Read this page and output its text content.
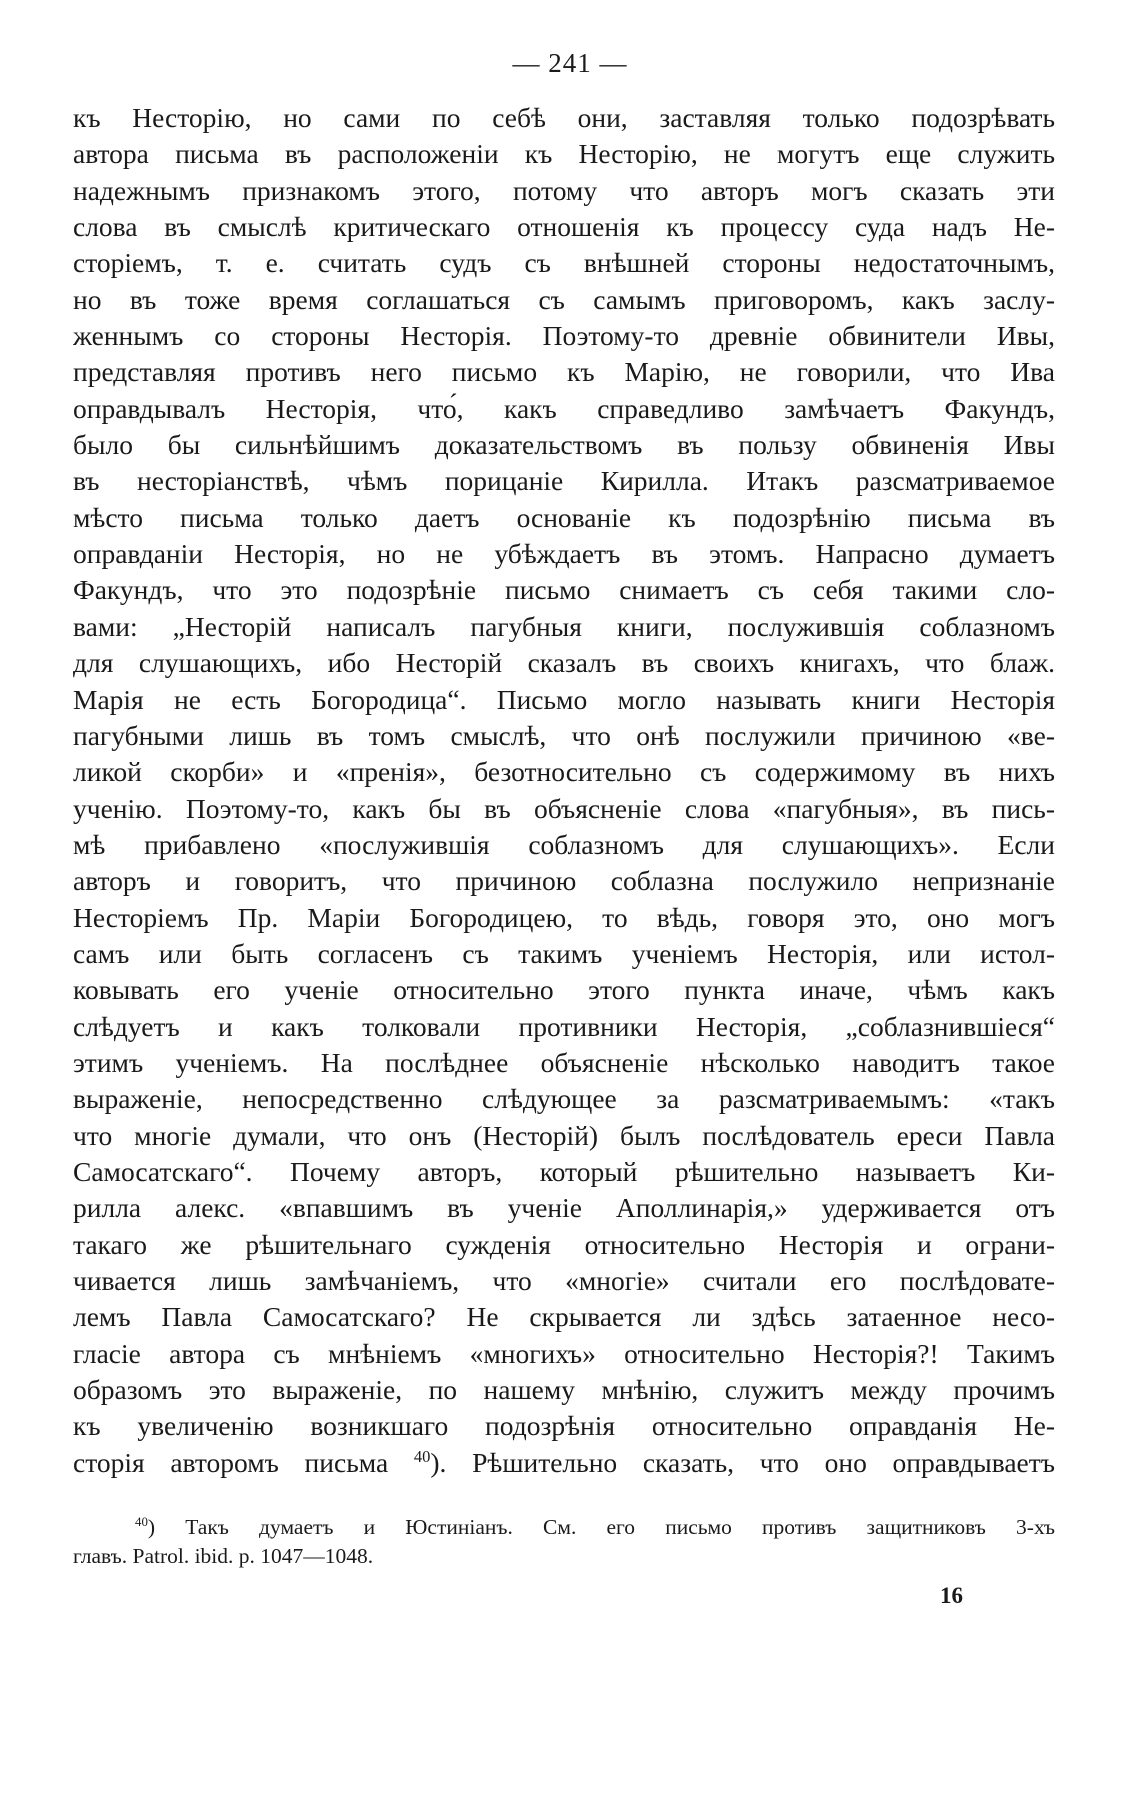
— 241 —
къ Несторію, но сами по себѣ они, заставляя только подозрѣвать
автора письма въ расположеніи къ Несторію, не могутъ еще служить
надежнымъ признакомъ этого, потому что авторъ могъ сказать эти
слова въ смыслѣ критическаго отношенія къ процессу суда надъ Не-
сторіемъ, т. е. считать судъ съ внѣшней стороны недостаточнымъ,
но въ тоже время соглашаться съ самымъ приговоромъ, какъ заслу-
женнымъ со стороны Несторія. Поэтому-то древніе обвинители Ивы,
представляя противъ него письмо къ Марію, не говорили, что Ива
оправдывалъ Несторія, что́, какъ справедливо замѣчаетъ Факундъ,
было бы сильнѣйшимъ доказательствомъ въ пользу обвиненія Ивы
въ несторіанствѣ, чѣмъ порицаніе Кирилла. Итакъ разсматриваемое
мѣсто письма только даетъ основаніе къ подозрѣнію письма въ
оправданіи Несторія, но не убѣждаетъ въ этомъ. Напрасно думаетъ
Факундъ, что это подозрѣніе письмо снимаетъ съ себя такими сло-
вами: „Несторій написалъ пагубныя книги, послужившія соблазномъ
для слушающихъ, ибо Несторій сказалъ въ своихъ книгахъ, что блаж.
Марія не есть Богородица“. Письмо могло называть книги Несторія
пагубными лишь въ томъ смыслѣ, что онѣ послужили причиною «ве-
ликой скорби» и «пренія», безотносительно съ содержимому въ нихъ
ученію. Поэтому-то, какъ бы въ объясненіе слова «пагубныя», въ пись-
мѣ прибавлено «послужившія соблазномъ для слушающихъ». Если
авторъ и говоритъ, что причиною соблазна послужило непризнаніе
Несторіемъ Пр. Маріи Богородицею, то вѣдь, говоря это, оно могъ
самъ или быть согласенъ съ такимъ ученіемъ Несторія, или истол-
ковывать его ученіе относительно этого пункта иначе, чѣмъ какъ
слѣдуетъ и какъ толковали противники Несторія, „соблазнившіеся“
этимъ ученіемъ. На послѣднее объясненіе нѣсколько наводитъ такое
выраженіе, непосредственно слѣдующее за разсматриваемымъ: «такъ
что многіе думали, что онъ (Несторій) былъ послѣдователь ереси Павла
Самосатскаго“. Почему авторъ, который рѣшительно называетъ Ки-
рилла алекс. «впавшимъ въ ученіе Аполлинарія,» удерживается отъ
такаго же рѣшительнаго сужденія относительно Несторія и ограни-
чивается лишь замѣчаніемъ, что «многіе» считали его послѣдовате-
лемъ Павла Самосатскаго? Не скрывается ли здѣсь затаенное несо-
гласіе автора съ мнѣніемъ «многихъ» относительно Несторія?! Такимъ
образомъ это выраженіе, по нашему мнѣнію, служитъ между прочимъ
къ увеличенію возникшаго подозрѣнія относительно оправданія Не-
сторія авторомъ письма $^{40}$). Рѣшительно сказать, что оно оправдываетъ
$^{40}$) Такъ думаетъ и Юстиніанъ. См. его письмо противъ защитниковъ 3-хъ
главъ. Patrol. ibid. p. 1047—1048.
16
